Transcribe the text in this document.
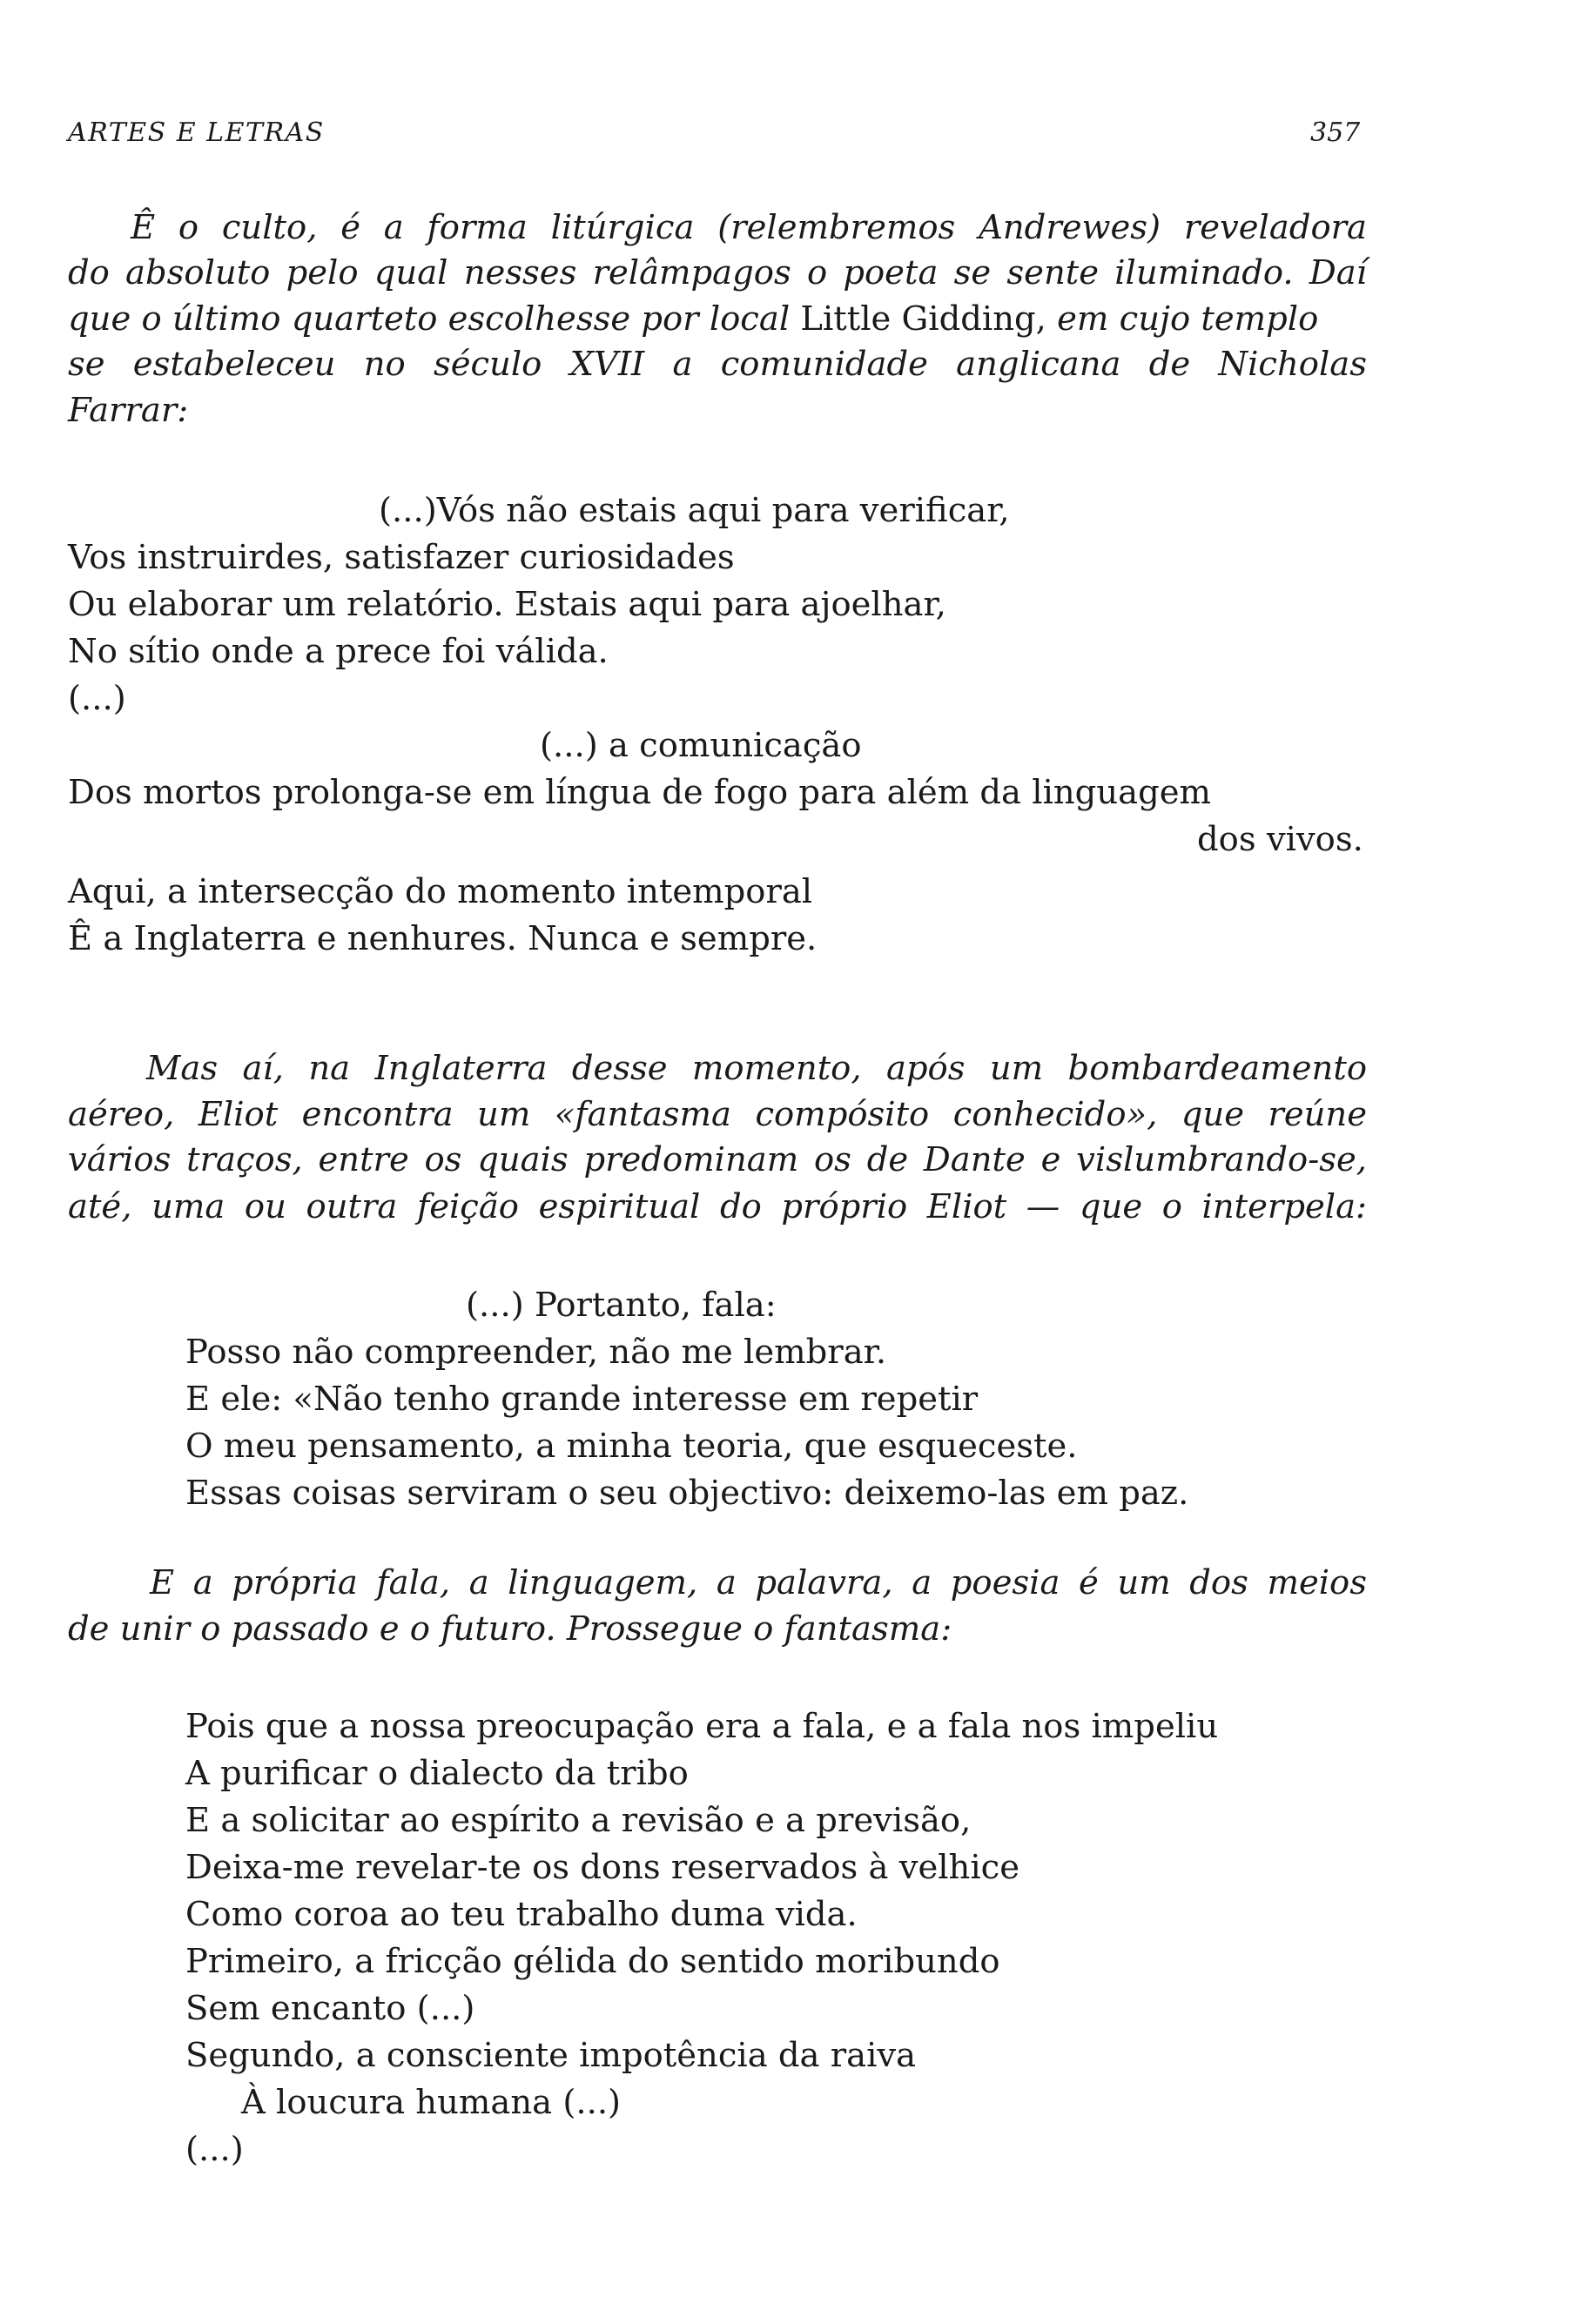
ARTES E LETRAS	357
Ê o culto, é a forma litúrgica (relembremos Andrewes) reveladora
do absoluto pelo qual nesses relâmpagos o poeta se sente iluminado. Daí
que o último quarteto escolhesse por local Little Gidding, em cujo templo
se estabeleceu no século XVII a comunidade anglicana de Nicholas
Farrar:
(...)Vós não estais aqui para verificar,
Vos instruirdes, satisfazer curiosidades
Ou elaborar um relatório. Estais aqui para ajoelhar,
No sítio onde a prece foi válida.
(...)
(...) a comunicação
Dos mortos prolonga-se em língua de fogo para além da linguagem
dos vivos.
Aqui, a intersecção do momento intemporal
Ê a Inglaterra e nenhures. Nunca e sempre.
Mas aí, na Inglaterra desse momento, após um bombardeamento
aéreo, Eliot encontra um «fantasma compósito conhecido», que reúne
vários traços, entre os quais predominam os de Dante e vislumbrando-se,
até, uma ou outra feição espiritual do próprio Eliot — que o interpela:
(...) Portanto, fala:
Posso não compreender, não me lembrar.
E ele: «Não tenho grande interesse em repetir
O meu pensamento, a minha teoria, que esqueceste.
Essas coisas serviram o seu objectivo: deixemo-las em paz.
E a própria fala, a linguagem, a palavra, a poesia é um dos meios
de unir o passado e o futuro. Prossegue o fantasma:
Pois que a nossa preocupação era a fala, e a fala nos impeliu
A purificar o dialecto da tribo
E a solicitar ao espírito a revisão e a previsão,
Deixa-me revelar-te os dons reservados à velhice
Como coroa ao teu trabalho duma vida.
Primeiro, a fricção gélida do sentido moribundo
Sem encanto (...)
Segundo, a consciente impotência da raiva
À loucura humana (...)
(...)
